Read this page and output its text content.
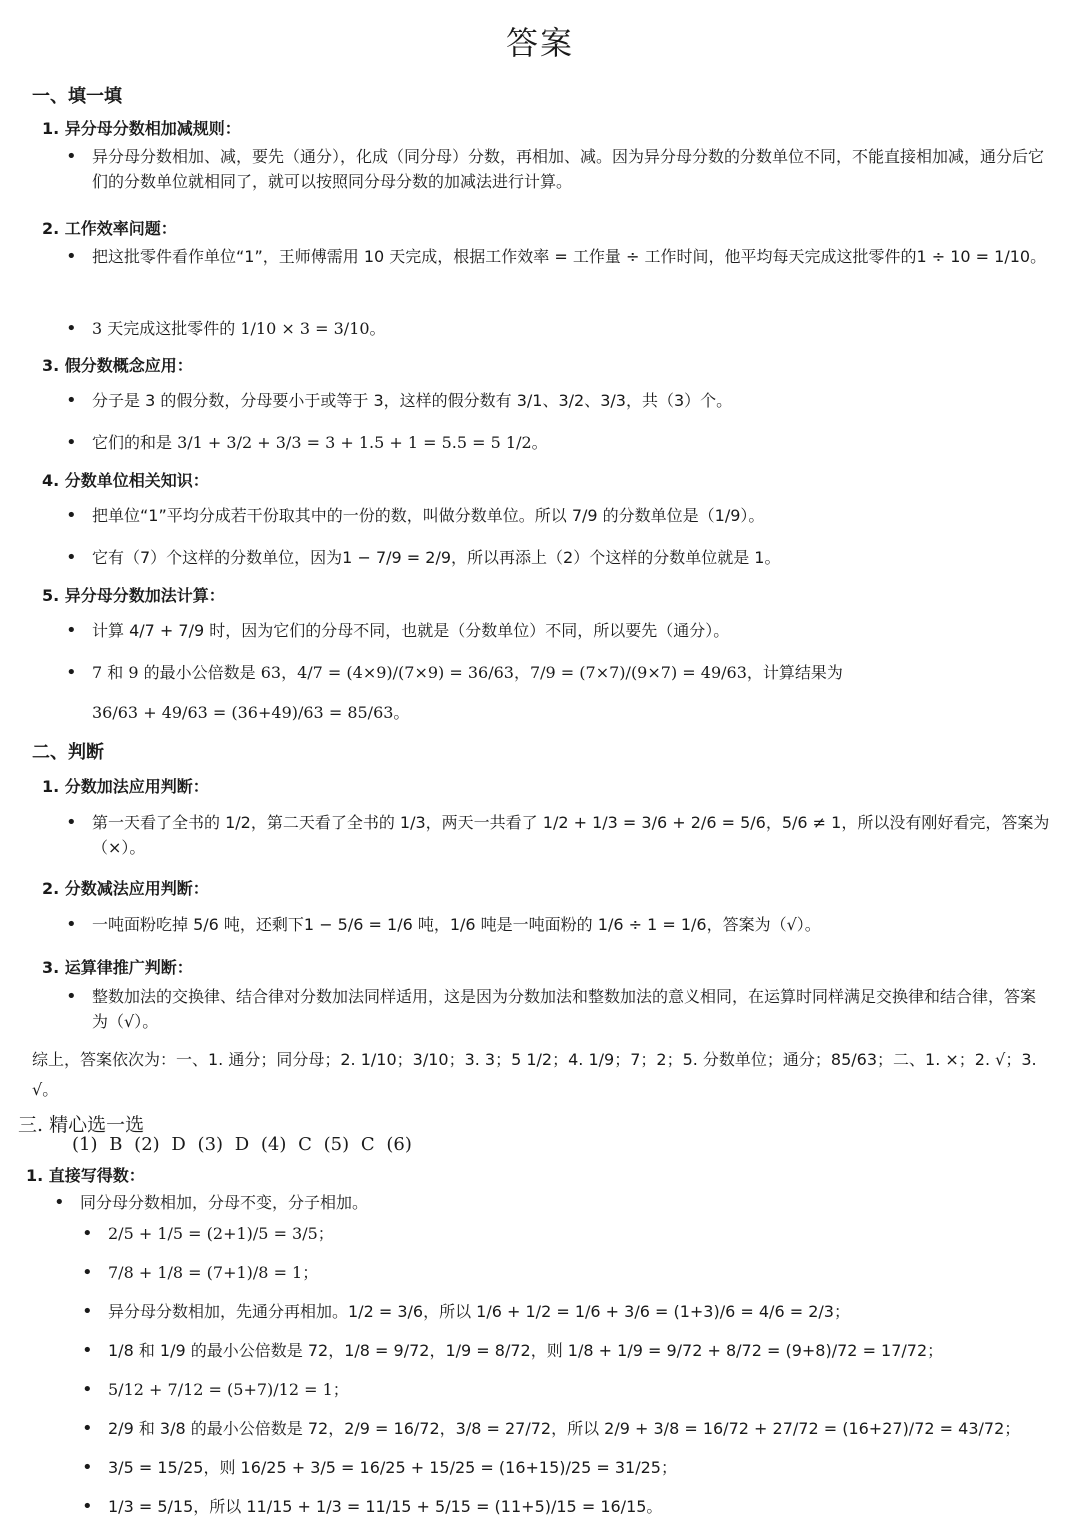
答案
一、填一填
1. 异分母分数相加减规则：
• 异分母分数相加、减，要先（通分），化成（同分母）分数，再相加、减。因为异分母分数的分数单位不同，不能直接相加减，通分后它们的分数单位就相同了，就可以按照同分母分数的加减法进行计算。
2. 工作效率问题：
• 把这批零件看作单位“1”，王师傅需用 10 天完成，根据工作效率 = 工作量 ÷ 工作时间，他平均每天完成这批零件的1 ÷ 10 = 1/10。
• 3 天完成这批零件的 1/10 × 3 = 3/10。
3. 假分数概念应用：
• 分子是 3 的假分数，分母要小于或等于 3，这样的假分数有 3/1、3/2、3/3，共（3）个。
• 它们的和是 3/1 + 3/2 + 3/3 = 3 + 1.5 + 1 = 5.5 = 5 1/2。
4. 分数单位相关知识：
• 把单位“1”平均分成若干份取其中的一份的数，叫做分数单位。所以 7/9 的分数单位是（1/9）。
• 它有（7）个这样的分数单位，因为1 − 7/9 = 2/9，所以再添上（2）个这样的分数单位就是 1。
5. 异分母分数加法计算：
• 计算 4/7 + 7/9 时，因为它们的分母不同，也就是（分数单位）不同，所以要先（通分）。
• 7 和 9 的最小公倍数是 63，4/7 = (4×9)/(7×9) = 36/63，7/9 = (7×7)/(9×7) = 49/63，计算结果为
36/63 + 49/63 = (36+49)/63 = 85/63。
二、判断
1. 分数加法应用判断：
• 第一天看了全书的 1/2，第二天看了全书的 1/3，两天一共看了 1/2 + 1/3 = 3/6 + 2/6 = 5/6，5/6 ≠ 1，所以没有刚好看完，答案为（×）。
2. 分数减法应用判断：
• 一吨面粉吃掉 5/6 吨，还剩下1 − 5/6 = 1/6 吨，1/6 吨是一吨面粉的 1/6 ÷ 1 = 1/6，答案为（√）。
3. 运算律推广判断：
• 整数加法的交换律、结合律对分数加法同样适用，这是因为分数加法和整数加法的意义相同，在运算时同样满足交换律和结合律，答案为（√）。
综上，答案依次为：一、1. 通分；同分母；2. 1/10；3/10；3. 3；5 1/2；4. 1/9；7；2；5. 分数单位；通分；85/63；二、1. ×；2. √；3. √。
三. 精心选一选
(1) B (2) D (3) D (4) C (5) C (6)
1. 直接写得数：
• 同分母分数相加，分母不变，分子相加。
• 2/5 + 1/5 = (2+1)/5 = 3/5；
• 7/8 + 1/8 = (7+1)/8 = 1；
• 异分母分数相加，先通分再相加。1/2 = 3/6，所以 1/6 + 1/2 = 1/6 + 3/6 = (1+3)/6 = 4/6 = 2/3；
• 1/8 和 1/9 的最小公倍数是 72，1/8 = 9/72，1/9 = 8/72，则 1/8 + 1/9 = 9/72 + 8/72 = (9+8)/72 = 17/72；
• 5/12 + 7/12 = (5+7)/12 = 1；
• 2/9 和 3/8 的最小公倍数是 72，2/9 = 16/72，3/8 = 27/72，所以 2/9 + 3/8 = 16/72 + 27/72 = (16+27)/72 = 43/72；
• 3/5 = 15/25，则 16/25 + 3/5 = 16/25 + 15/25 = (16+15)/25 = 31/25；
• 1/3 = 5/15，所以 11/15 + 1/3 = 11/15 + 5/15 = (11+5)/15 = 16/15。
